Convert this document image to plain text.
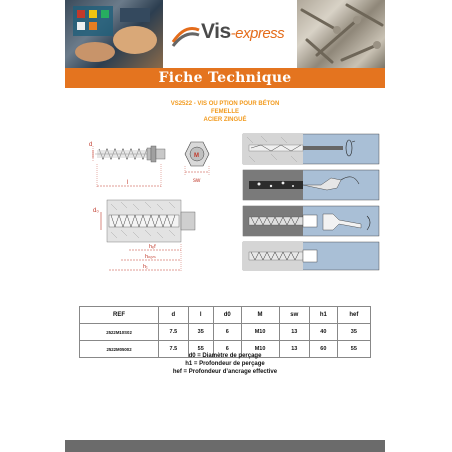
Vis-express
Fiche Technique
VS2522 - VIS OU PTION POUR BÉTON
FEMELLE
ACIER ZINGUÉ
d
l
M
sw
d₀
hₑf
hₙₒₘ
h₁
REF	d	l	d0	M	sw	h1	hef
2522M10S02	7.5	35	6	M10	13	40	35
2522M05002	7.5	55	6	M10	13	60	55
d0 = Diamètre de perçage
h1 = Profondeur de perçage
hef = Profondeur d’ancrage effective
